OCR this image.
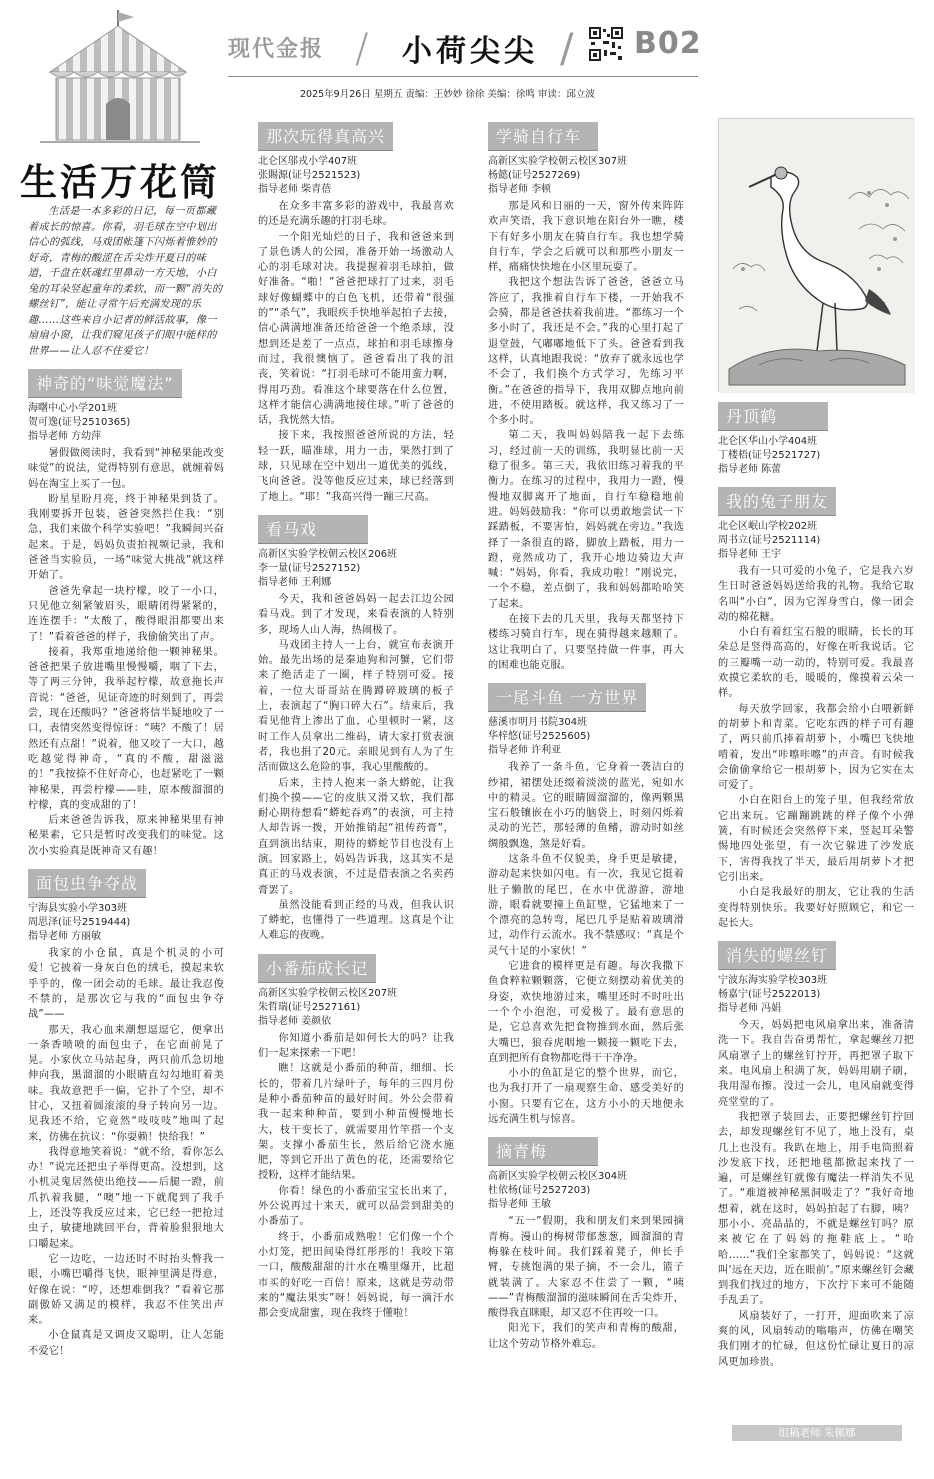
现代金报 / 小荷尖尖 / B02
2025年9月26日 星期五 责编：王妙妙 徐徐 美编：徐鸣 审读：邱立波
生活万花筒

生活是一本多彩的日记，每一页都藏着成长的惊喜。你看，羽毛球在空中划出信心的弧线，马戏团帐篷下闪烁着惟妙的好奇，青梅的酸涩在舌尖炸开夏日的味道，千盘在妖魂红里鼻动一方天地，小白兔的耳朵竖起童年的柔软，而一颗“消失的螺丝钉”，能让寻常午后充满发现的乐趣……这些来自小记者的鲜活故事，像一扇扇小窗，让我们窥见孩子们眼中能样的世界——让人忍不住爱它！

神奇的“味觉魔法”
海曙中心小学201班
贺可逸(证号2510365)
指导老师 方幼萍

暑假做阅读时，我看到“神秘果能改变味觉”的说法，觉得特别有意思，就缠着妈妈在淘宝上买了一包。

盼星星盼月亮，终于神秘果到货了。我刚要拆开包装，爸爸突然拦住我：“别急，我们来做个科学实验吧！”我瞬间兴奋起来。于是，妈妈负责拍视频记录，我和爸爸当实验员，一场“味觉大挑战”就这样开始了。

爸爸先拿起一块柠檬，咬了一小口，只见他立刻紧皱眉头，眼睛闭得紧紧的，连连摆手：“太酸了，酸得眼泪都要出来了！”看着爸爸的样子，我偷偷笑出了声。

接着，我郑重地递给他一颗神秘果。爸爸把果子放进嘴里慢慢嚼，咽了下去，等了两三分钟，我举起柠檬，故意拖长声音说：“爸爸，见证奇迹的时刻到了，再尝尝，现在还酸吗？”爸爸将信半疑地咬了一口，表情突然变得惊讶：“咦？不酸了！居然还有点甜！”说着，他又咬了一大口，越吃越觉得神奇，“真的不酸，甜滋滋的！”我按捺不住好奇心，也赶紧吃了一颗神秘果，再尝柠檬——哇，原本酸溜溜的柠檬，真的变成甜的了！

后来爸爸告诉我，原来神秘果里有神秘果素，它只是暂时改变我们的味觉。这次小实验真是既神奇又有趣！

面包虫争夺战
宁海县实验小学303班
周思泽(证号2519444)
指导老师 方丽敏

我家的小仓鼠，真是个机灵的小可爱！它披着一身灰白色的绒毛，摸起来软乎乎的，像一团会动的毛球。最让我忍俊不禁的，是那次它与我的“面包虫争夺战”——

那天，我心血来潮想逗逗它，便拿出一条香喷喷的面包虫子，在它面前晃了晃。小家伙立马站起身，两只前爪急切地伸向我，黑溜溜的小眼睛直勾勾地盯着美味。我故意把手一偏，它扑了个空，却不甘心，又扭着圆滚滚的身子转向另一边。见我还不给，它竟然“吱吱吱”地叫了起来，仿佛在抗议：“你耍赖！快给我！”

我得意地笑着说：“就不给，看你怎么办！”说完还把虫子举得更高。没想到，这小机灵鬼居然使出绝技——后腿一蹬，前爪扒着我腿，“噢”地一下就爬到了我手上，还没等我反应过来，它已经一把抢过虫子，敏捷地跳回平台，背着脸狠狠地大口嚼起来。

它一边吃，一边还时不时抬头瞥我一眼，小嘴巴嚼得飞快，眼神里满是得意，好像在说：“哼，还想难倒我？”看着它那副傲娇又满足的模样，我忍不住笑出声来。

小仓鼠真是又调皮又聪明，让人怎能不爱它！

那次玩得真高兴
北仑区邬戎小学407班
张賜源(证号2521523)
指导老师 柴青蓓

在众多丰富多彩的游戏中，我最喜欢的还是充满乐趣的打羽毛球。

一个阳光灿烂的日子，我和爸爸来到了景色诱人的公园，准备开始一场激动人心的羽毛球对决。我提握着羽毛球拍，做好准备。“啪！”爸爸把球打了过来，羽毛球好像蝴蝶中的白色飞机，还带着“很强的”“杀气”，我眼疾手快地举起拍子去接，信心满满地准备还给爸爸一个绝杀球，没想到还是差了一点点，球拍和羽毛球擦身而过，我很懊恼了。爸爸看出了我的沮丧，笑着说：“打羽毛球可不能用蛮力啊，得用巧劲。看准这个球要落在什么位置，这样才能信心满满地接住球。”听了爸爸的话，我恍然大悟。

接下来，我按照爸爸所说的方法，轻轻一跃，瞄准球，用力一击，果然打到了球，只见球在空中划出一道优美的弧线，飞向爸爸。没等他反应过来，球已经落到了地上。“耶！”我高兴得一蹦三尺高。

看马戏
高新区实验学校朝云校区206班
李一量(证号2527152)
指导老师 王利娜

今天，我和爸爸妈妈一起去江边公园看马戏。到了才发现，来看表演的人特别多，现场人山人海，热闹极了。

马戏团主持人一上台，就宣布表演开始。最先出场的是秦迪狗和河蟹，它们带来了绝活走了一圈，样子特别可爱。接着，一位大哥哥站在腾蹲碎玻璃的板子上，表演起了“胸口碎大石”。结束后，我看见他背上渗出了血，心里顿时一紧，这时工作人员拿出二维码，请大家打赏表演者，我也捐了20元。亲眼见到有人为了生活而做这么危险的事，我心里酸酸的。

后来，主持人抱来一条大蟒蛇，让我们换个摸——它的皮肤又滑又软，我们都耐心期待想看“蟒蛇吞鸡”的表演，可主持人却告诉一拨，开始推销起“祖传药膏”，直到演出结束，期待的蟒蛇节目也没有上演。回家路上，妈妈告诉我，这其实不是真正的马戏表演，不过是借表演之名卖药膏罢了。

虽然没能看到正经的马戏，但我认识了蟒蛇，也懂得了一些道理。这真是个让人难忘的夜晚。

小番茄成长记
高新区实验学校朝云校区207班
朱哲瑞(证号2527161)
指导老师 姜颜依

你知道小番茄是如何长大的吗？让我们一起来探索一下吧！

瞧！这就是小番茄的种苗，细细、长长的，带着几片绿叶子，每年的三四月份是种小番茄种苗的最好时间。外公会带着我一起来种种苗，要到小种苗慢慢地长大，枝干变长了，就需要用竹竿搭一个支架。支撑小番茄生长，然后给它浇水施肥，等到它开出了黄色的花，还需要给它授粉，这样才能结果。

你看！绿色的小番茄宝宝长出来了，外公说再过十来天，就可以品尝到甜美的小番茄了。

终于，小番茄成熟啦！它们像一个个小灯笼，把田间染得红彤彤的！我咬下第一口，酸酸甜甜的汁水在嘴里爆开，比超市买的好吃一百倍！原来，这就是劳动带来的“魔法果实”呀！妈妈说，每一滴汗水都会变成甜蜜，现在我终于懂啦！

学骑自行车
高新区实验学校朝云校区307班
杨懿(证号2527269)
指导老师 李顿

那是风和日丽的一天，窗外传来阵阵欢声笑语，我下意识地在阳台外一瞧，楼下有好多小朋友在骑自行车。我也想学骑自行车，学会之后就可以和那些小朋友一样，痛痛快快地在小区里玩耍了。

我把这个想法告诉了爸爸，爸爸立马答应了，我推着自行车下楼，一开始我不会骑，都是爸爸扶着我前进。“都练习一个多小时了，我还是不会。”我的心里打起了退堂鼓，气嘟嘟地低下了头。爸爸看到我这样，认真地跟我说：“放弃了就永远也学不会了，我们换个方式学习，先练习平衡。”在爸爸的指导下，我用双脚点地向前进，不使用踏板。就这样，我又练习了一个多小时。

第二天，我叫妈妈陪我一起下去练习，经过前一天的训练，我明显比前一天稳了很多。第三天，我依旧练习着我的平衡力。在练习的过程中，我用力一蹬，慢慢地双脚离开了地面，自行车稳稳地前进。妈妈鼓励我：“你可以勇敢地尝试一下踩踏板，不要害怕，妈妈就在旁边。”我选择了一条很直的路，脚放上踏板，用力一蹬，竟然成功了，我开心地边骑边大声喊：“妈妈，你看，我成功啦！”刚说完，一个不稳，差点倒了，我和妈妈都哈哈笑了起来。

在接下去的几天里，我每天都坚持下楼练习骑自行车，现在骑得越来越顺了。这让我明白了，只要坚持做一件事，再大的困难也能克服。

一尾斗鱼 一方世界
慈溪市明月书院304班
华梓悠(证号2525605)
指导老师 许利亚

我养了一条斗鱼，它身着一袭洁白的纱裙，裙摆处还缀着淡淡的蓝光，宛如水中的精灵。它的眼睛圆溜溜的，像两颗黑宝石般镶嵌在小巧的脑袋上，时刻闪烁着灵动的光芒，那轻薄的鱼鳍，游动时如丝绸般飘逸，煞是好看。

这条斗鱼不仅貌美，身手更是敏捷，游动起来快如闪电。有一次，我见它挺着肚子懒散的尾巴，在水中优游游，游地游，眼看就要撞上鱼缸壁，它猛地来了一个漂亮的急转弯，尾巴几乎是贴着玻璃滑过，动作行云流水。我不禁感叹：“真是个灵气十足的小家伙！”

它进食的模样更是有趣。每次我撒下鱼食粹粒颗颗落，它便立刻摆动着优美的身姿，欢快地游过来，嘴里还时不时吐出一个个小泡泡，可爱极了。最有意思的是，它总喜欢先把食物推到水面，然后张大嘴巴，狼吞虎咽地一颗接一颗吃下去，直到把所有食物都吃得干干净净。

小小的鱼缸是它的整个世界，而它，也为我打开了一扇观察生命、感受美好的小窗。只要有它在，这方小小的天地便永远充满生机与惊喜。

摘青梅
高新区实验学校朝云校区304班
杜依杨(证号2527203)
指导老师 王敏

“五一”假期，我和朋友们来到果园摘青梅。漫山的梅树带郁葱葱，圆溜溜的青梅躲在枝叶间。我们踩着凳子，伸长手臂，专挑饱满的果子摘，不一会儿，篮子就装满了。大家忍不住尝了一颗，“咦——”青梅酸溜溜的滋味瞬间在舌尖炸开，酸得我直眯眼，却又忍不住再咬一口。

阳光下，我们的笑声和青梅的酸甜，让这个劳动节格外难忘。

丹顶鹤
北仑区华山小学404班
丁楼梧(证号2521727)
指导老师 陈蕾
我的兔子朋友
北仑区岷山学校202班
周书立(证号2521114)
指导老师 王宇

我有一只可爱的小兔子，它是我六岁生日时爸爸妈妈送给我的礼物。我给它取名叫“小白”，因为它浑身雪白，像一团会动的棉花糖。

小白有着红宝石般的眼睛，长长的耳朵总是竖得高高的，好像在听我说话。它的三瓣嘴一动一动的，特别可爱。我最喜欢摸它柔软的毛，暖暖的，像摸着云朵一样。

每天放学回家，我都会给小白喂新鲜的胡萝卜和青菜。它吃东西的样子可有趣了，两只前爪捧着胡萝卜，小嘴巴飞快地啃着，发出“咔嚓咔嚓”的声音。有时候我会偷偷拿给它一根胡萝卜，因为它实在太可爱了。

小白在阳台上的笼子里，但我经常放它出来玩。它蹦蹦跳跳的样子像个小弹簧，有时候还会突然停下来，竖起耳朵警惕地四处张望，有一次它躲进了沙发底下，害得我找了半天，最后用胡萝卜才把它引出来。

小白是我最好的朋友，它让我的生活变得特别快乐。我要好好照顾它，和它一起长大。

消失的螺丝钉
宁波东海实验学校303班
杨嘉宁(证号2522013)
指导老师 冯娟

今天，妈妈把电风扇拿出来，准备清洗一下。我自告奋勇帮忙，拿起螺丝刀把风扇罩子上的螺丝钉拧开，再把罩子取下来。电风扇上积满了灰，妈妈用刷子刷，我用湿布擦。没过一会儿，电风扇就变得亮堂堂的了。

我把罩子装回去，正要把螺丝钉拧回去，却发现螺丝钉不见了，地上没有，桌几上也没有。我趴在地上，用手电筒照着沙发底下找，还把地毯都掀起来找了一遍，可是螺丝钉就像有魔法一样消失不见了。“难道被神秘黑洞吸走了？”我好奇地想着，就在这时，妈妈拍起了右脚，咦？那小小、亮晶晶的，不就是螺丝钉吗？原来被它在了妈妈的拖鞋底上。“哈哈……”我们全家都笑了，妈妈说：“这就叫‘远在天边，近在眼前’。”原来螺丝钉会藏到我们找过的地方，下次拧下来可不能随手乱丢了。

风扇装好了，一打开，迎面吹来了凉爽的风，风扇转动的嗡嗡声，仿佛在嘲笑我们刚才的忙碌，但这份忙碌让夏日的凉风更加珍贵。

组稿老师 朱佩娜
